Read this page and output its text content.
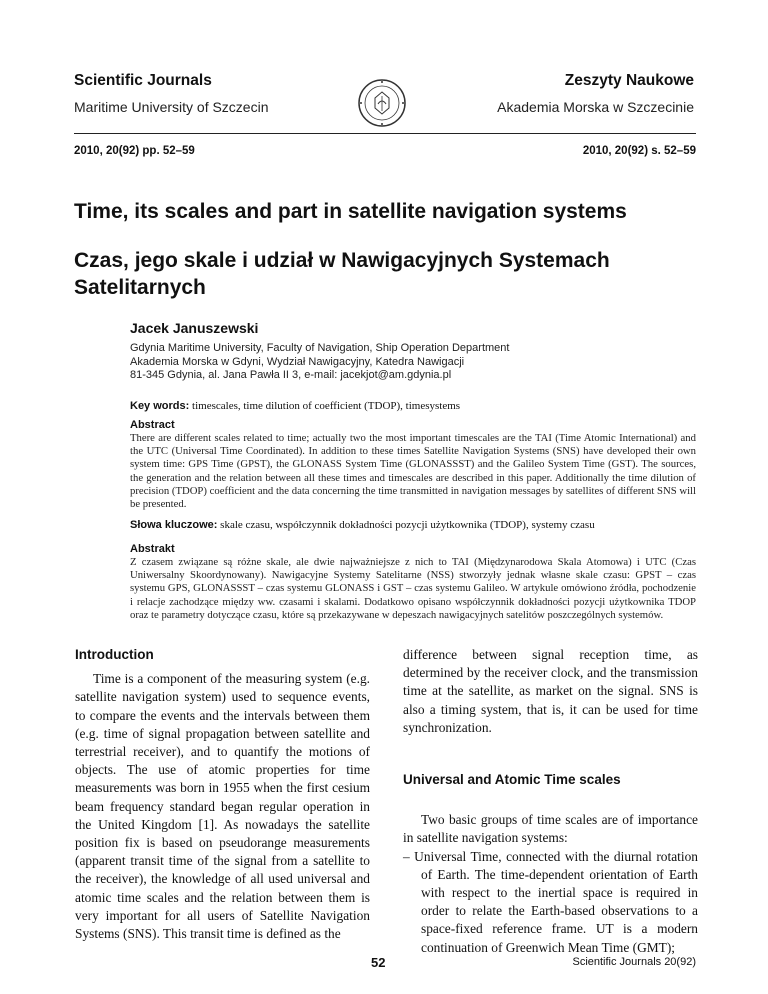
Scientific Journals
Maritime University of Szczecin
Zeszyty Naukowe
Akademia Morska w Szczecinie
2010, 20(92) pp. 52–59	2010, 20(92) s. 52–59
Time, its scales and part in satellite navigation systems
Czas, jego skale i udział w Nawigacyjnych Systemach Satelitarnych
Jacek Januszewski
Gdynia Maritime University, Faculty of Navigation, Ship Operation Department
Akademia Morska w Gdyni, Wydział Nawigacyjny, Katedra Nawigacji
81-345 Gdynia, al. Jana Pawła II 3, e-mail: jacekjot@am.gdynia.pl
Key words: timescales, time dilution of coefficient (TDOP), timesystems
Abstract
There are different scales related to time; actually two the most important timescales are the TAI (Time Atomic International) and the UTC (Universal Time Coordinated). In addition to these times Satellite Navigation Systems (SNS) have developed their own system time: GPS Time (GPST), the GLONASS System Time (GLONASSST) and the Galileo System Time (GST). The sources, the generation and the relation between all these times and timescales are described in this paper. Additionally the time dilution of precision (TDOP) coefficient and the data concerning the time transmitted in navigation messages by satellites of different SNS will be presented.
Słowa kluczowe: skale czasu, współczynnik dokładności pozycji użytkownika (TDOP), systemy czasu
Abstrakt
Z czasem związane są różne skale, ale dwie najważniejsze z nich to TAI (Międzynarodowa Skala Atomowa) i UTC (Czas Uniwersalny Skoordynowany). Nawigacyjne Systemy Satelitarne (NSS) stworzyły jednak własne skale czasu: GPST – czas systemu GPS, GLONASSST – czas systemu GLONASS i GST – czas systemu Galileo. W artykule omówiono źródła, pochodzenie i relacje zachodzące między ww. czasami i skalami. Dodatkowo opisano współczynnik dokładności pozycji użytkownika TDOP oraz te parametry dotyczące czasu, które są przekazywane w depeszach nawigacyjnych satelitów poszczególnych systemów.
Introduction

Time is a component of the measuring system (e.g. satellite navigation system) used to sequence events, to compare the events and the intervals between them (e.g. time of signal propagation between satellite and terrestrial receiver), and to quantify the motions of objects. The use of atomic properties for time measurements was born in 1955 when the first cesium beam frequency standard began regular operation in the United Kingdom [1]. As nowadays the satellite position fix is based on pseudorange measurements (apparent transit time of the signal from a satellite to the receiver), the knowledge of all used universal and atomic time scales and the relation between them is very important for all users of Satellite Navigation Systems (SNS). This transit time is defined as the

difference between signal reception time, as determined by the receiver clock, and the transmission time at the satellite, as market on the signal. SNS is also a timing system, that is, it can be used for time synchronization.

Universal and Atomic Time scales

Two basic groups of time scales are of importance in satellite navigation systems:

– Universal Time, connected with the diurnal rotation of Earth. The time-dependent orientation of Earth with respect to the inertial space is required in order to relate the Earth-based observations to a space-fixed reference frame. UT is a modern continuation of Greenwich Mean Time (GMT);

52	Scientific Journals 20(92)
